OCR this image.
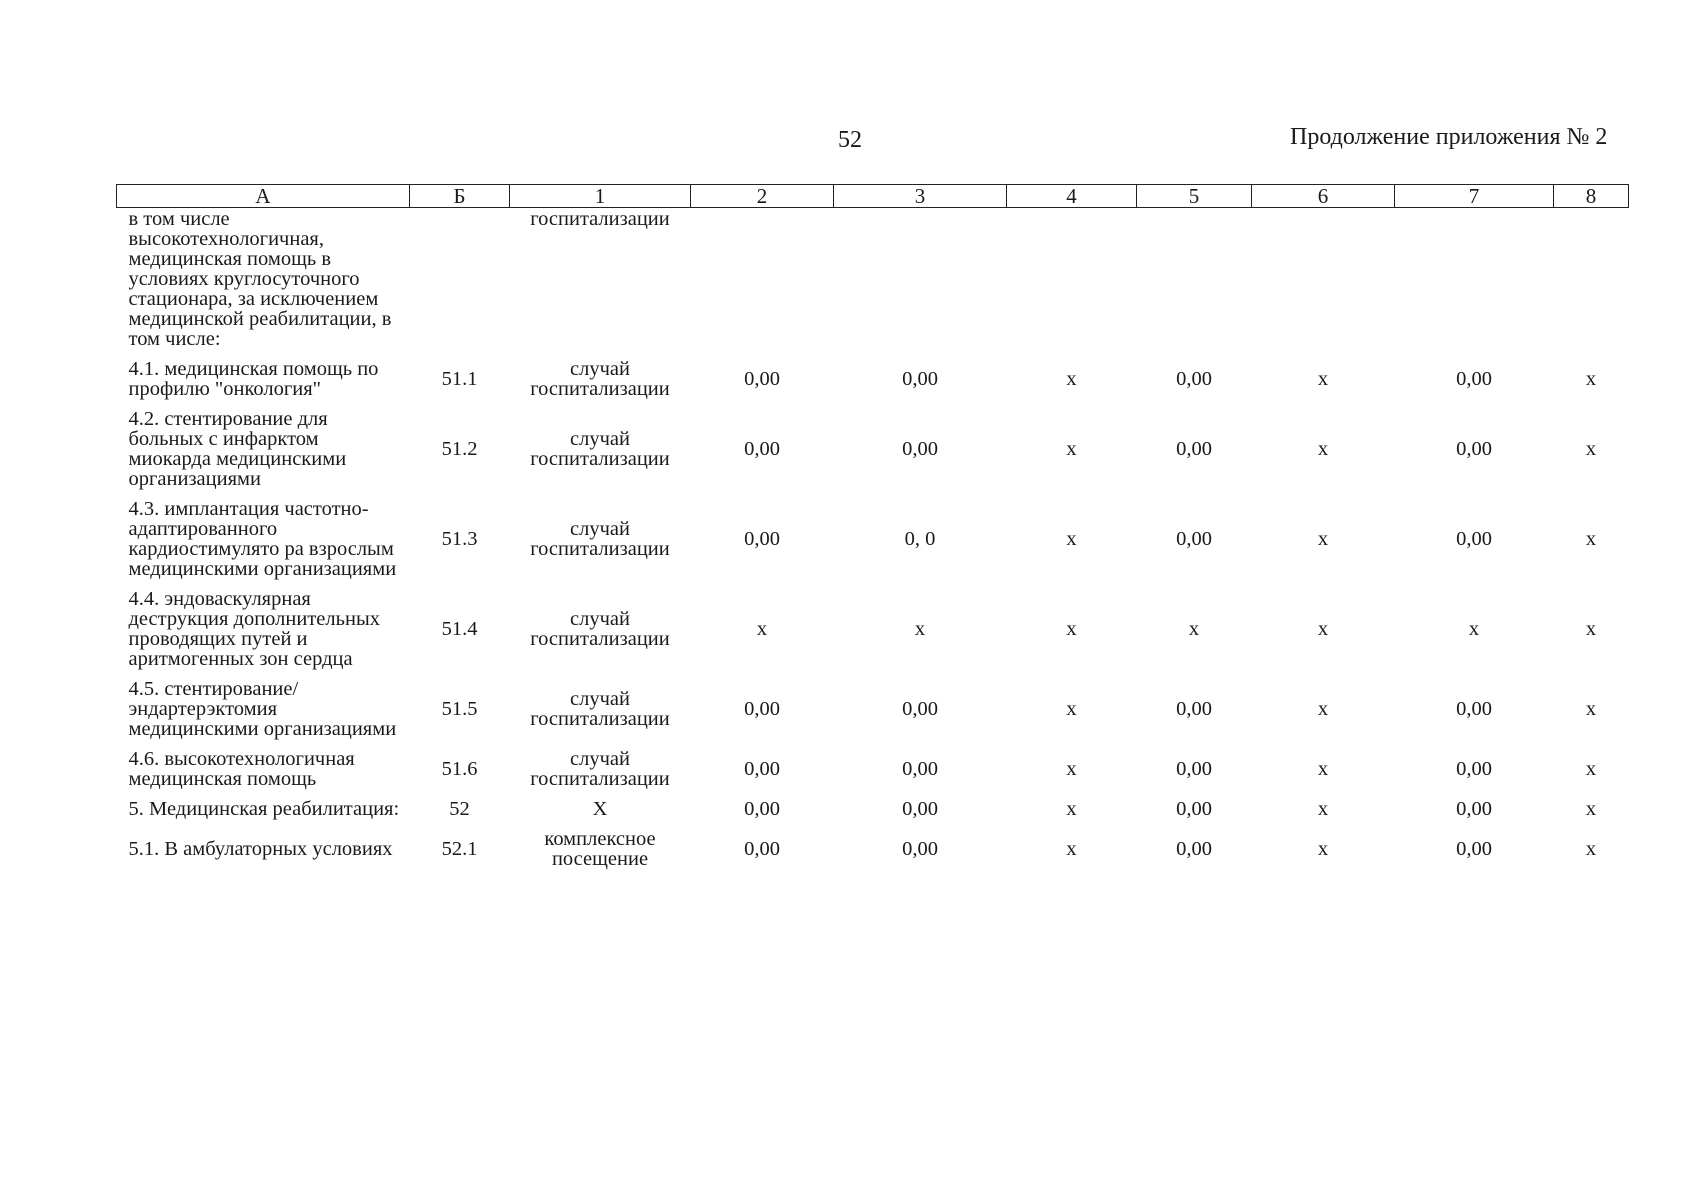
52	Продолжение приложения № 2
А	Б	1	2	3	4	5	6	7	8
в том числе высокотехнологичная, медицинская помощь в условиях круглосуточного стационара, за исключением медицинской реабилитации, в том числе:		госпитализации							
4.1. медицинская помощь по профилю "онкология"	51.1	случай госпитализации	0,00	0,00	х	0,00	х	0,00	х
4.2. стентирование для больных с инфарктом миокарда медицинскими организациями	51.2	случай госпитализации	0,00	0,00	х	0,00	х	0,00	х
4.3. имплантация частотно-адаптированного кардиостимулято ра взрослым медицинскими организациями	51.3	случай госпитализации	0,00	0, 0	х	0,00	х	0,00	х
4.4. эндоваскулярная деструкция дополнительных проводящих путей и аритмогенных зон сердца	51.4	случай госпитализации	х	х	х	х	х	х	х
4.5. стентирование/ эндартерэктомия медицинскими организациями	51.5	случай госпитализации	0,00	0,00	х	0,00	х	0,00	х
4.6. высокотехнологичная медицинская помощь	51.6	случай госпитализации	0,00	0,00	х	0,00	х	0,00	х
5. Медицинская реабилитация:	52	Х	0,00	0,00	х	0,00	х	0,00	х
5.1. В амбулаторных условиях	52.1	комплексное посещение	0,00	0,00	х	0,00	х	0,00	х
